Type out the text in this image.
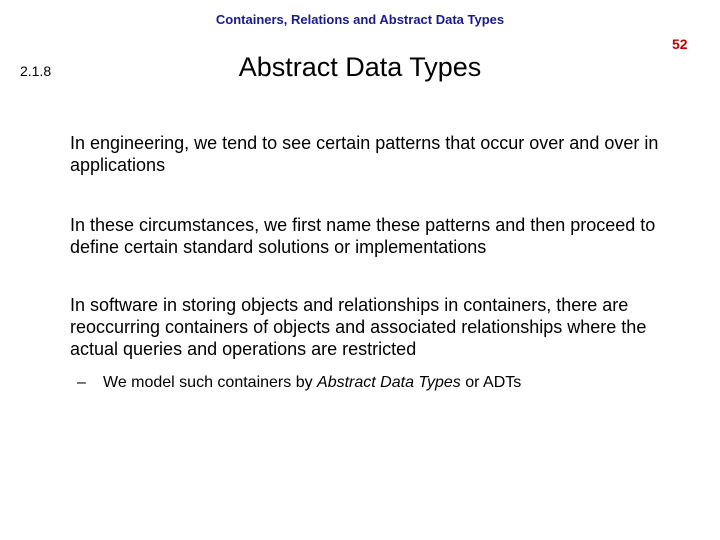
Containers, Relations and Abstract Data Types
52
2.1.8	Abstract Data Types
In engineering, we tend to see certain patterns that occur over and over in applications
In these circumstances, we first name these patterns and then proceed to define certain standard solutions or implementations
In software in storing objects and relationships in containers, there are reoccurring containers of objects and associated relationships where the actual queries and operations are restricted
– We model such containers by Abstract Data Types or ADTs
